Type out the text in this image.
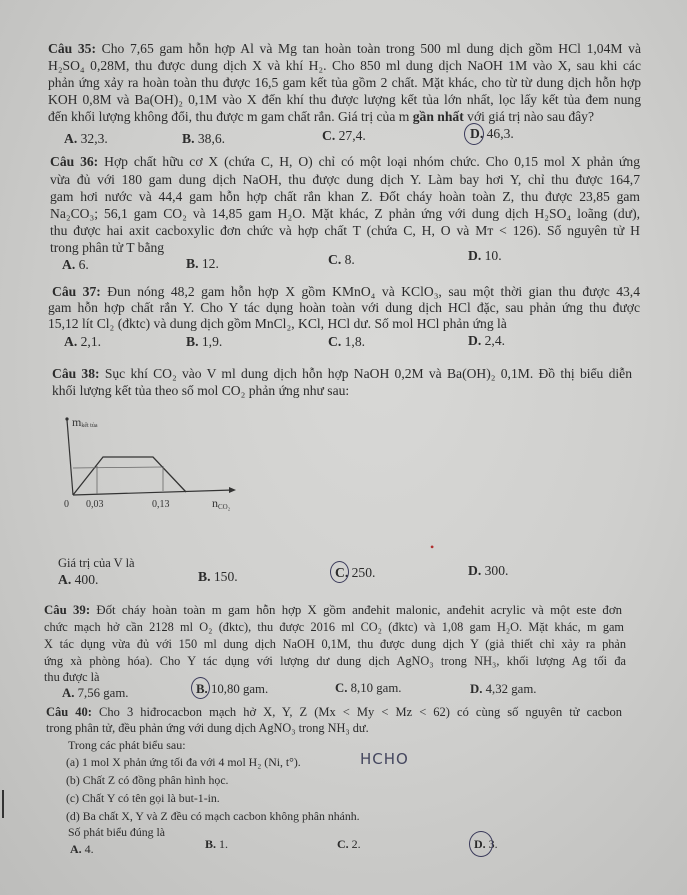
Câu 35: Cho 7,65 gam hỗn hợp Al và Mg tan hoàn toàn trong 500 ml dung dịch gồm HCl 1,04M và
H₂SO₄ 0,28M, thu được dung dịch X và khí H₂. Cho 850 ml dung dịch NaOH 1M vào X, sau khi các
phản ứng xảy ra hoàn toàn thu được 16,5 gam kết tủa gồm 2 chất. Mặt khác, cho từ từ dung dịch hỗn hợp
KOH 0,8M và Ba(OH)₂ 0,1M vào X đến khí thu được lượng kết tủa lớn nhất, lọc lấy kết tủa đem nung
đến khối lượng không đổi, thu được m gam chất rắn. Giá trị của m gần nhất với giá trị nào sau đây?
A. 32,3.	B. 38,6.	C. 27,4.	D. 46,3.
Câu 36: Hợp chất hữu cơ X (chứa C, H, O) chỉ có một loại nhóm chức. Cho 0,15 mol X phản ứng
vừa đủ với 180 gam dung dịch NaOH, thu được dung dịch Y. Làm bay hơi Y, chỉ thu được 164,7
gam hơi nước và 44,4 gam hỗn hợp chất rắn khan Z. Đốt cháy hoàn toàn Z, thu được 23,85 gam
Na₂CO₃; 56,1 gam CO₂ và 14,85 gam H₂O. Mặt khác, Z phản ứng với dung dịch H₂SO₄ loãng (dư),
thu được hai axit cacboxylic đơn chức và hợp chất T (chứa C, H, O và Mᴛ < 126). Số nguyên tử H
trong phân tử T bằng
A. 6.	B. 12.	C. 8.	D. 10.
Câu 37: Đun nóng 48,2 gam hỗn hợp X gồm KMnO₄ và KClO₃, sau một thời gian thu được 43,4
gam hỗn hợp chất rắn Y. Cho Y tác dụng hoàn toàn với dung dịch HCl đặc, sau phản ứng thu được
15,12 lít Cl₂ (đktc) và dung dịch gồm MnCl₂, KCl, HCl dư. Số mol HCl phản ứng là
A. 2,1.	B. 1,9.	C. 1,8.	D. 2,4.
Câu 38: Sục khí CO₂ vào V ml dung dịch hỗn hợp NaOH 0,2M và Ba(OH)₂ 0,1M. Đồ thị biểu diễn
khối lượng kết tủa theo số mol CO₂ phản ứng như sau:
mkết tủa
0 0,03	0,13	nCO₂
Giá trị của V là
A. 400.	B. 150.	C. 250.	D. 300.
•
Câu 39: Đốt cháy hoàn toàn m gam hỗn hợp X gồm anđehit malonic, anđehit acrylic và một este đơn
chức mạch hở cần 2128 ml O₂ (đktc), thu được 2016 ml CO₂ (đktc) và 1,08 gam H₂O. Mặt khác, m gam
X tác dụng vừa đủ với 150 ml dung dịch NaOH 0,1M, thu được dung dịch Y (giả thiết chỉ xảy ra phản
ứng xà phòng hóa). Cho Y tác dụng với lượng dư dung dịch AgNO₃ trong NH₃, khối lượng Ag tối đa
thu được là
A. 7,56 gam.	B. 10,80 gam.	C. 8,10 gam.	D. 4,32 gam.
Câu 40: Cho 3 hiđrocacbon mạch hở X, Y, Z (Mx < My < Mz < 62) có cùng số nguyên tử cacbon
trong phân tử, đều phản ứng với dung dịch AgNO₃ trong NH₃ dư.
Trong các phát biểu sau:
(a) 1 mol X phản ứng tối đa với 4 mol H₂ (Ni, t°).	HCHO
(b) Chất Z có đồng phân hình học.
(c) Chất Y có tên gọi là but-1-in.
(d) Ba chất X, Y và Z đều có mạch cacbon không phân nhánh.
Số phát biểu đúng là
A. 4.	B. 1.	C. 2.	D. 3.
